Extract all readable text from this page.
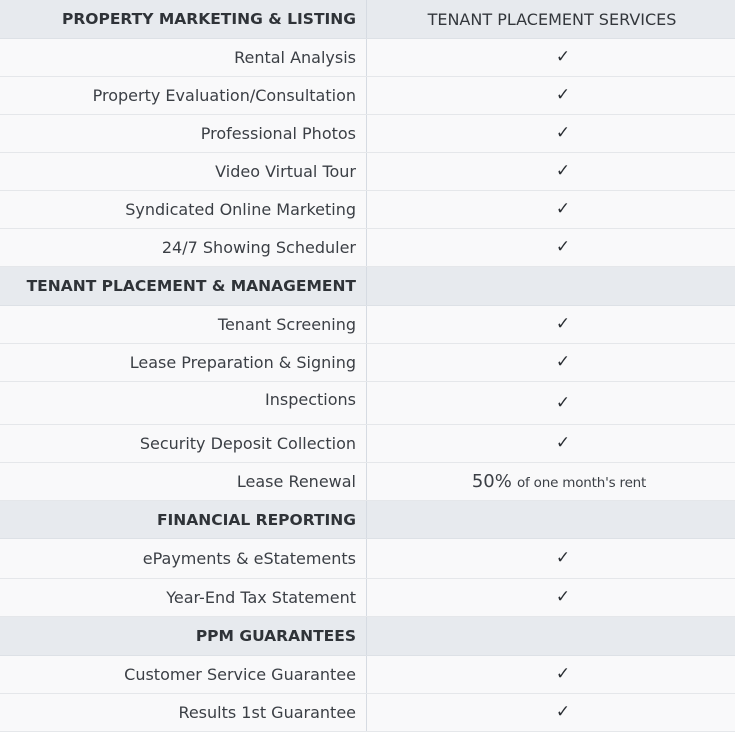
PROPERTY MARKETING & LISTING	TENANT PLACEMENT SERVICES
Rental Analysis	✓
Property Evaluation/Consultation	✓
Professional Photos	✓
Video Virtual Tour	✓
Syndicated Online Marketing	✓
24/7 Showing Scheduler	✓
TENANT PLACEMENT & MANAGEMENT
Tenant Screening	✓
Lease Preparation & Signing	✓
Inspections	✓
Security Deposit Collection	✓
Lease Renewal	50% of one month's rent
FINANCIAL REPORTING
ePayments & eStatements	✓
Year-End Tax Statement	✓
PPM GUARANTEES
Customer Service Guarantee	✓
Results 1st Guarantee	✓
